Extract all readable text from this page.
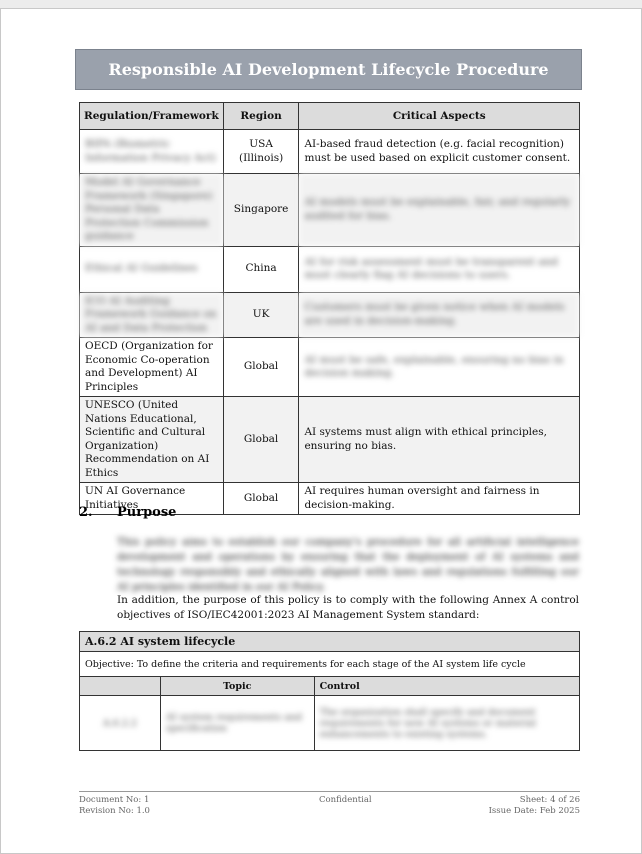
Responsible AI Development Lifecycle Procedure
Regulation/Framework	Region	Critical Aspects
BIPA (Biometric Information Privacy Act)	USA (Illinois)	AI-based fraud detection (e.g. facial recognition) must be used based on explicit customer consent.
Model AI Governance Framework (Singapore) Personal Data Protection Commission guidance	Singapore	AI models must be explainable, fair, and regularly audited for bias.
Ethical AI Guidelines	China	AI for risk assessment must be transparent and must clearly flag AI decisions to users.
ICO AI Auditing Framework Guidance on AI and Data Protection	UK	Customers must be given notice when AI models are used in decision-making.
OECD (Organization for Economic Co-operation and Development) AI Principles	Global	AI must be safe, explainable, ensuring no bias in decision making.
UNESCO (United Nations Educational, Scientific and Cultural Organization) Recommendation on AI Ethics	Global	AI systems must align with ethical principles, ensuring no bias.
UN AI Governance Initiatives	Global	AI requires human oversight and fairness in decision-making.
2. Purpose
This policy aims to establish our company's procedure for all artificial intelligence development and operations by ensuring that the deployment of AI systems and technology responsibly and ethically aligned with laws and regulations fulfilling our AI principles identified in our AI Policy.
In addition, the purpose of this policy is to comply with the following Annex A control objectives of ISO/IEC42001:2023 AI Management System standard:
A.6.2 AI system lifecycle		
Objective: To define the criteria and requirements for each stage of the AI system life cycle		
	Topic	Control
A.6.2.2	AI system requirements and specification	The organization shall specify and document requirements for new AI systems or material enhancements to existing systems.
Document No: 1
Revision No: 1.0
Confidential	Sheet: 4 of 26
Issue Date: Feb 2025
